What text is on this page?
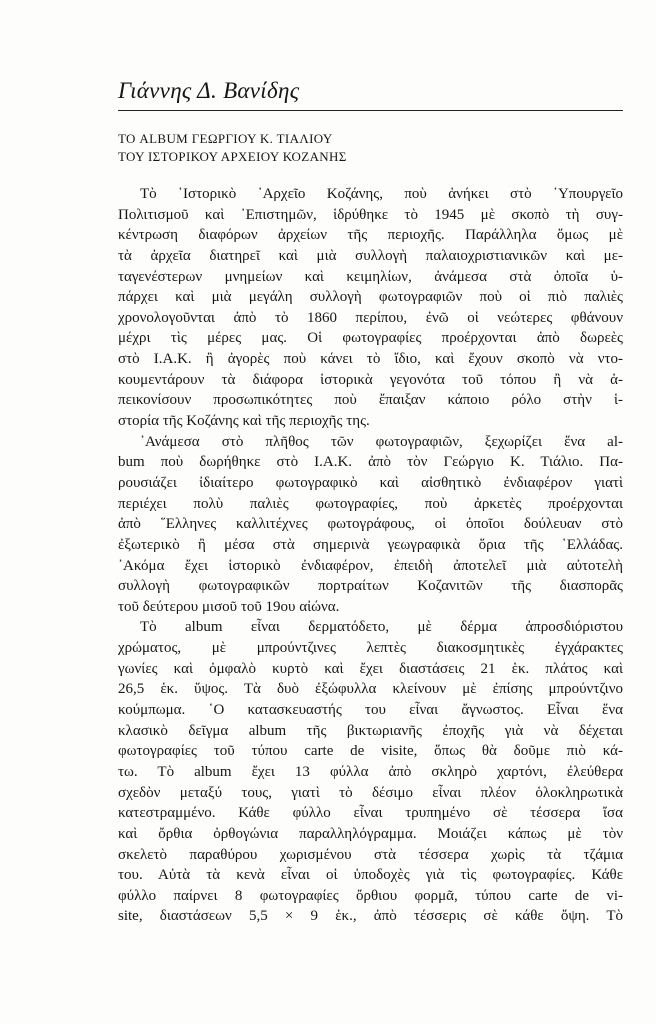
Γιάννης Δ. Βανίδης
ΤΟ ALBUM ΓΕΩΡΓΙΟΥ Κ. ΤΙΑΛΙΟΥ
ΤΟΥ ΙΣΤΟΡΙΚΟΥ ΑΡΧΕΙΟΥ ΚΟΖΑΝΗΣ
Τὸ ῾Ιστορικὸ ᾿Αρχεῖο Κοζάνης, ποὺ ἀνήκει στὸ ῾Υπουργεῖο
Πολιτισμοῦ καὶ ᾿Επιστημῶν, ἱδρύθηκε τὸ 1945 μὲ σκοπὸ τὴ συγ-
κέντρωση διαφόρων ἀρχείων τῆς περιοχῆς. Παράλληλα ὅμως μὲ
τὰ ἀρχεῖα διατηρεῖ καὶ μιὰ συλλογὴ παλαιοχριστιανικῶν καὶ με-
ταγενέστερων μνημείων καὶ κειμηλίων, ἀνάμεσα στὰ ὁποῖα ὑ-
πάρχει καὶ μιὰ μεγάλη συλλογὴ φωτογραφιῶν ποὺ οἱ πιὸ παλιὲς
χρονολογοῦνται ἀπὸ τὸ 1860 περίπου, ἐνῶ οἱ νεώτερες φθάνουν
μέχρι τὶς μέρες μας. Οἱ φωτογραφίες προέρχονται ἀπὸ δωρεὲς
στὸ Ι.Α.Κ. ἢ ἀγορὲς ποὺ κάνει τὸ ἴδιο, καὶ ἔχουν σκοπὸ νὰ ντο-
κουμεντάρουν τὰ διάφορα ἱστορικὰ γεγονότα τοῦ τόπου ἢ νὰ ἀ-
πεικονίσουν προσωπικότητες ποὺ ἔπαιξαν κάποιο ρόλο στὴν ἱ-
στορία τῆς Κοζάνης καὶ τῆς περιοχῆς της.
᾿Ανάμεσα στὸ πλῆθος τῶν φωτογραφιῶν, ξεχωρίζει ἕνα al-
bum ποὺ δωρήθηκε στὸ Ι.Α.Κ. ἀπὸ τὸν Γεώργιο Κ. Τιάλιο. Πα-
ρουσιάζει ἰδιαίτερο φωτογραφικὸ καὶ αἰσθητικὸ ἐνδιαφέρον γιατὶ
περιέχει πολὺ παλιὲς φωτογραφίες, ποὺ ἀρκετὲς προέρχονται
ἀπὸ ῞Ελληνες καλλιτέχνες φωτογράφους, οἱ ὁποῖοι δούλευαν στὸ
ἐξωτερικὸ ἢ μέσα στὰ σημερινὰ γεωγραφικὰ ὅρια τῆς ῾Ελλάδας.
᾿Ακόμα ἔχει ἱστορικὸ ἐνδιαφέρον, ἐπειδὴ ἀποτελεῖ μιὰ αὐτοτελὴ
συλλογὴ φωτογραφικῶν πορτραίτων Κοζανιτῶν τῆς διασπορᾶς
τοῦ δεύτερου μισοῦ τοῦ 19ου αἰώνα.
Τὸ album εἶναι δερματόδετο, μὲ δέρμα ἀπροσδιόριστου
χρώματος, μὲ μπρούντζινες λεπτὲς διακοσμητικὲς ἐγχάρακτες
γωνίες καὶ ὀμφαλὸ κυρτὸ καὶ ἔχει διαστάσεις 21 ἑκ. πλάτος καὶ
26,5 ἑκ. ὕψος. Τὰ δυὸ ἐξώφυλλα κλείνουν μὲ ἐπίσης μπρούντζινο
κούμπωμα. ῾Ο κατασκευαστής του εἶναι ἄγνωστος. Εἶναι ἕνα
κλασικὸ δεῖγμα album τῆς βικτωριανῆς ἐποχῆς γιὰ νὰ δέχεται
φωτογραφίες τοῦ τύπου carte de visite, ὅπως θὰ δοῦμε πιὸ κά-
τω. Τὸ album ἔχει 13 φύλλα ἀπὸ σκληρὸ χαρτόνι, ἐλεύθερα
σχεδὸν μεταξύ τους, γιατὶ τὸ δέσιμο εἶναι πλέον ὁλοκληρωτικὰ
κατεστραμμένο. Κάθε φύλλο εἶναι τρυπημένο σὲ τέσσερα ἴσα
καὶ ὄρθια ὀρθογώνια παραλληλόγραμμα. Μοιάζει κάπως μὲ τὸν
σκελετὸ παραθύρου χωρισμένου στὰ τέσσερα χωρὶς τὰ τζάμια
του. Αὐτὰ τὰ κενὰ εἶναι οἱ ὑποδοχὲς γιὰ τὶς φωτογραφίες. Κάθε
φύλλο παίρνει 8 φωτογραφίες ὄρθιου φορμᾶ, τύπου carte de vi-
site, διαστάσεων 5,5 × 9 ἑκ., ἀπὸ τέσσερις σὲ κάθε ὄψη. Τὸ
